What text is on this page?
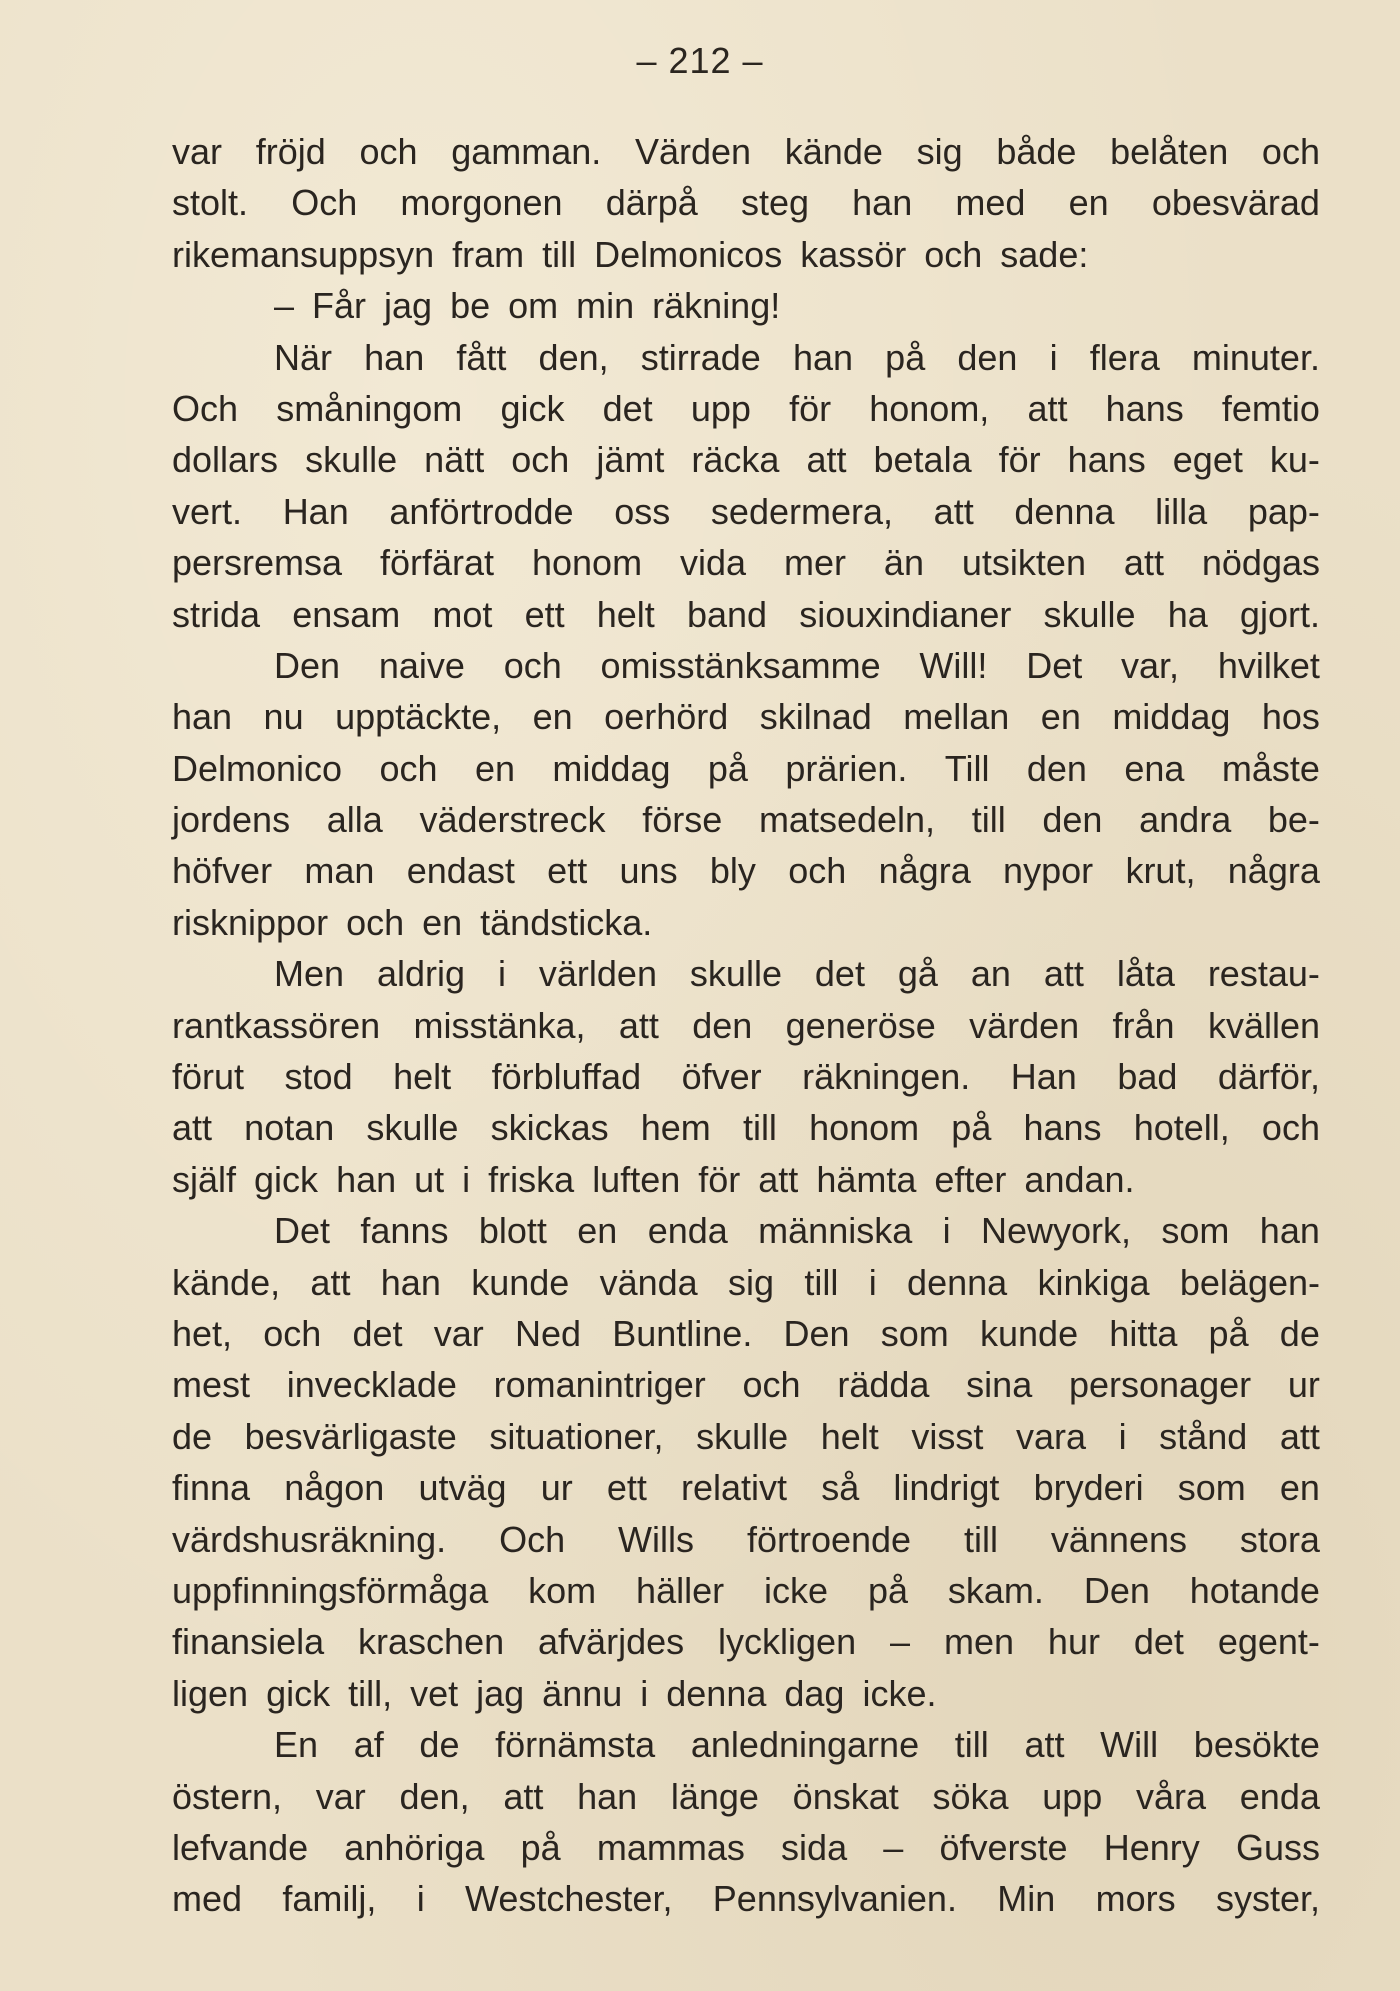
– 212 –
var fröjd och gamman. Värden kände sig både belåten och
stolt. Och morgonen därpå steg han med en obesvärad
rikemansuppsyn fram till Delmonicos kassör och sade:
– Får jag be om min räkning!
När han fått den, stirrade han på den i flera minuter.
Och småningom gick det upp för honom, att hans femtio
dollars skulle nätt och jämt räcka att betala för hans eget ku-
vert. Han anförtrodde oss sedermera, att denna lilla pap-
persremsa förfärat honom vida mer än utsikten att nödgas
strida ensam mot ett helt band siouxindianer skulle ha gjort.
Den naive och omisstänksamme Will! Det var, hvilket
han nu upptäckte, en oerhörd skilnad mellan en middag hos
Delmonico och en middag på prärien. Till den ena måste
jordens alla väderstreck förse matsedeln, till den andra be-
höfver man endast ett uns bly och några nypor krut, några
risknippor och en tändsticka.
Men aldrig i världen skulle det gå an att låta restau-
rantkassören misstänka, att den generöse värden från kvällen
förut stod helt förbluffad öfver räkningen. Han bad därför,
att notan skulle skickas hem till honom på hans hotell, och
själf gick han ut i friska luften för att hämta efter andan.
Det fanns blott en enda människa i Newyork, som han
kände, att han kunde vända sig till i denna kinkiga belägen-
het, och det var Ned Buntline. Den som kunde hitta på de
mest invecklade romanintriger och rädda sina personager ur
de besvärligaste situationer, skulle helt visst vara i stånd att
finna någon utväg ur ett relativt så lindrigt bryderi som en
värdshusräkning. Och Wills förtroende till vännens stora
uppfinningsförmåga kom häller icke på skam. Den hotande
finansiela kraschen afvärjdes lyckligen – men hur det egent-
ligen gick till, vet jag ännu i denna dag icke.
En af de förnämsta anledningarne till att Will besökte
östern, var den, att han länge önskat söka upp våra enda
lefvande anhöriga på mammas sida – öfverste Henry Guss
med familj, i Westchester, Pennsylvanien. Min mors syster,
